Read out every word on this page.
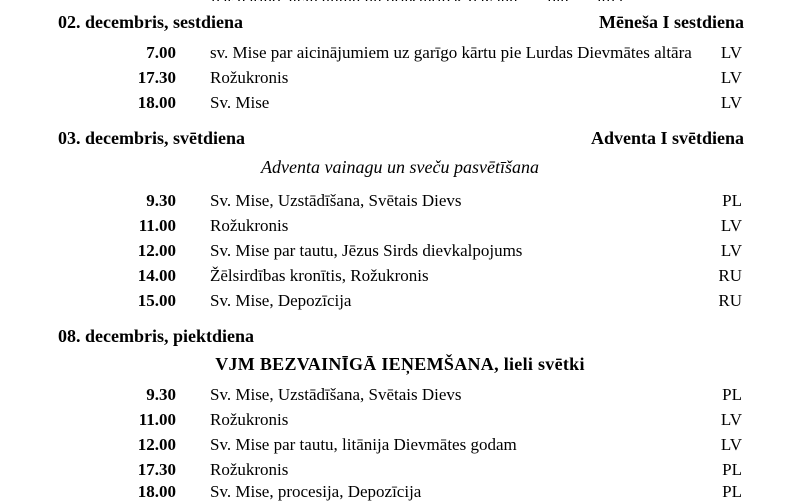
02. decembris, sestdiena	Mēneša I sestdiena
7.00 sv. Mise par aicinājumiem uz garīgo kārtu pie Lurdas Dievmātes altāra LV
17.30 Rožukronis	LV
18.00 Sv. Mise	LV
03. decembris, svētdiena	Adventa I svētdiena
Adventa vainagu un sveču pasvētīšana
9.30 Sv. Mise, Uzstādīšana, Svētais Dievs	PL
11.00 Rožukronis	LV
12.00 Sv. Mise par tautu, Jēzus Sirds dievkalpojums	LV
14.00 Žēlsirdības kronītis, Rožukronis	RU
15.00 Sv. Mise, Depozīcija	RU
08. decembris, piektdiena
VJM BEZVAINĪGĀ IEŅEMŠANA, lieli svētki
9.30 Sv. Mise, Uzstādīšana, Svētais Dievs	PL
11.00 Rožukronis	LV
12.00 Sv. Mise par tautu, litānija Dievmātes godam	LV
17.30 Rožukronis	PL
18.00 Sv. Mise, procesija, Depozīcija	PL
